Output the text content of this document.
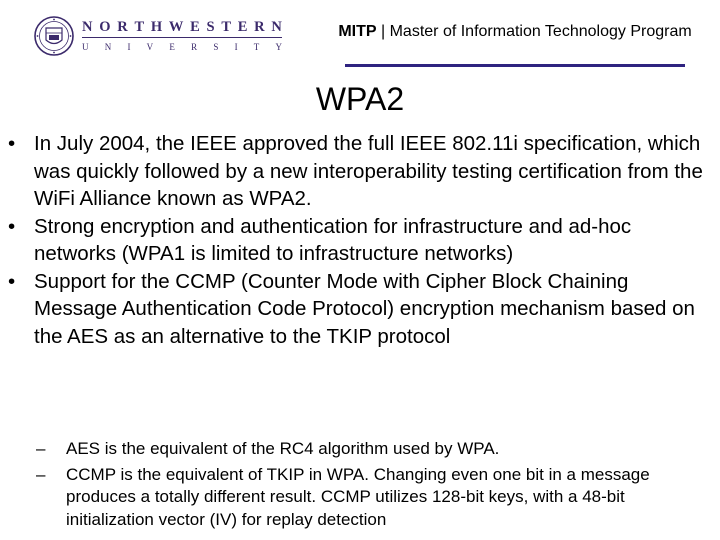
N O R T H W E S T E R N
U N I V E R S I T Y
MITP | Master of Information Technology Program
WPA2
• In July 2004, the IEEE approved the full IEEE 802.11i specification, which was quickly followed by a new interoperability testing certification from the WiFi Alliance known as WPA2.
• Strong encryption and authentication for infrastructure and ad-hoc networks (WPA1 is limited to infrastructure networks)
• Support for the CCMP (Counter Mode with Cipher Block Chaining Message Authentication Code Protocol) encryption mechanism based on the AES as an alternative to the TKIP protocol
– AES is the equivalent of the RC4 algorithm used by WPA.
– CCMP is the equivalent of TKIP in WPA. Changing even one bit in a message produces a totally different result. CCMP utilizes 128-bit keys, with a 48-bit initialization vector (IV) for replay detection
